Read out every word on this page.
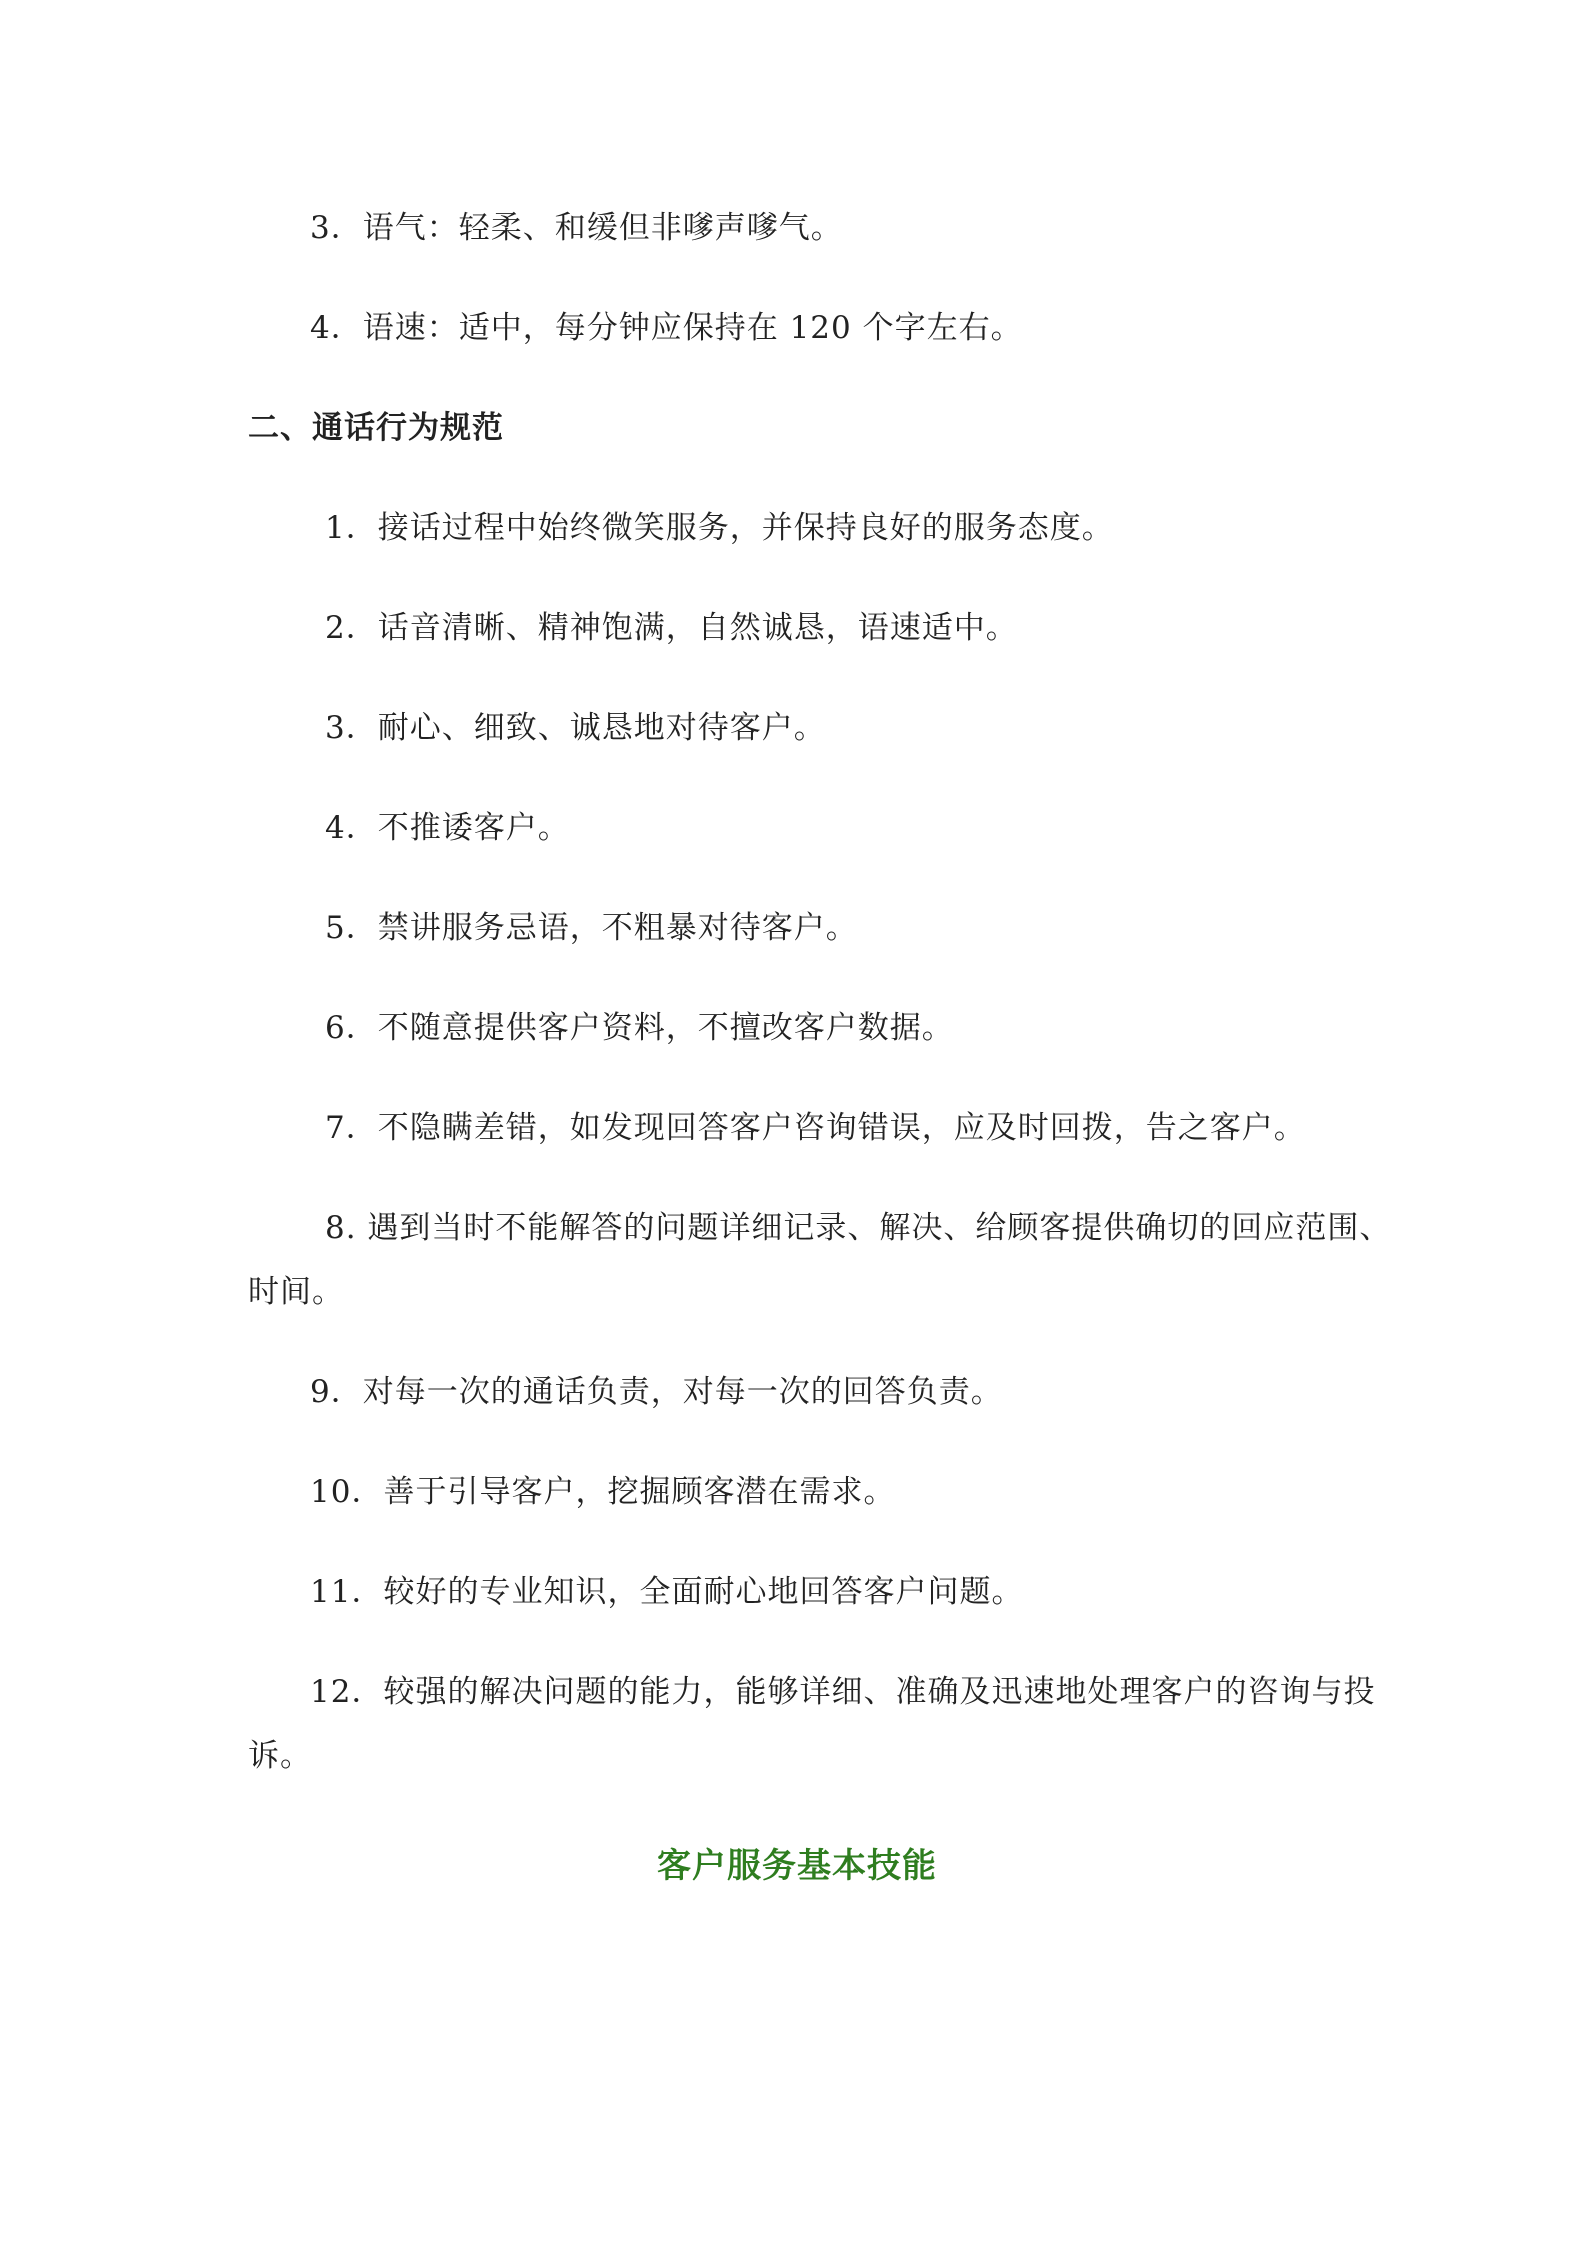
3．语气：轻柔、和缓但非嗲声嗲气。
4．语速：适中，每分钟应保持在 120 个字左右。
二、通话行为规范
1．接话过程中始终微笑服务，并保持良好的服务态度。
2．话音清晰、精神饱满，自然诚恳，语速适中。
3．耐心、细致、诚恳地对待客户。
4．不推诿客户。
5．禁讲服务忌语，不粗暴对待客户。
6．不随意提供客户资料，不擅改客户数据。
7．不隐瞒差错，如发现回答客户咨询错误，应及时回拨，告之客户。
8. 遇到当时不能解答的问题详细记录、解决、给顾客提供确切的回应范围、
时间。
9．对每一次的通话负责，对每一次的回答负责。
10．善于引导客户，挖掘顾客潜在需求。
11．较好的专业知识，全面耐心地回答客户问题。
12．较强的解决问题的能力，能够详细、准确及迅速地处理客户的咨询与投
诉。
客户服务基本技能
